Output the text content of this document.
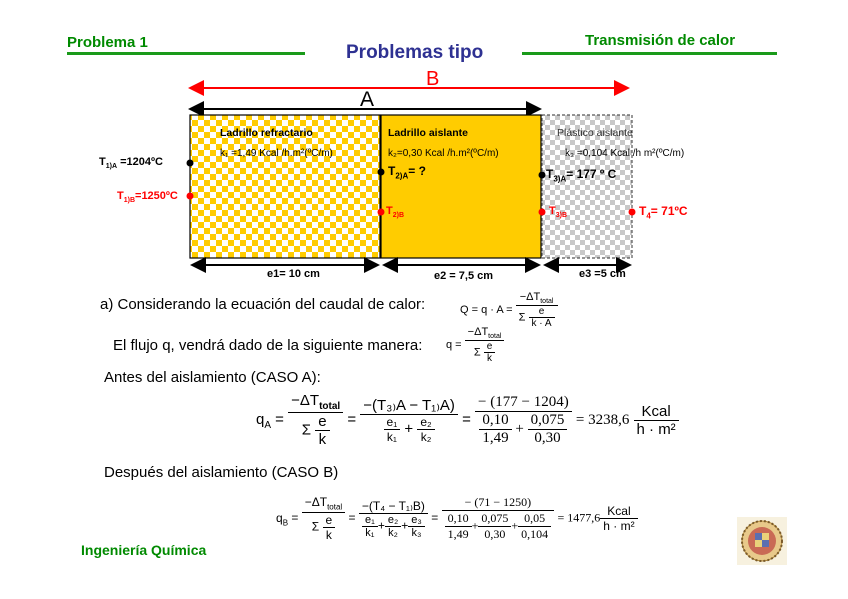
Problema 1	Problemas tipo
Transmisión de calor
B
A
Ladrillo refractario
k₁ =1,49 Kcal /h.m²(ºC/m)
Ladrillo aislante
k₂=0,30 Kcal /h.m²(ºC/m)
Plástico aislante
k₃ =0,104 Kcal /h m²(ºC/m)
e1= 10 cm	e2 = 7,5 cm	e3 =5 cm
$T_{1)A}$ =1204ºC
$T_{1)B}=1250ºC$
$T_{2)A}=$ ?
$T_{2)B}$
$T_{3)A}= 177$ º C
$T_{3)B}$	$T_4=$ 71ºC
a) Considerando la ecuación del caudal de calor:	$Q = q \cdot A = \frac{-\Delta T_{total}}{\Sigma \frac{e}{k \cdot A}}$
El flujo q, vendrá dado de la siguiente manera: $q = \frac{-\Delta T_{total}}{\Sigma \frac{e}{k}}$
Antes del aislamiento (CASO A):
$q_A = \frac{-\Delta T_{total}}{\Sigma \frac{e}{k}} = \frac{\text{−(T₃₎A − T₁₎A)}}{\frac{\text{e₁}}{\text{k₁}} + \frac{\text{e₂}}{\text{k₂}}} = \frac{- (177 - 1204)}{\frac{0,10}{1,49} + \frac{0,075}{0,30}} = 3238,6 \frac{\text{Kcal}}{\text{h · m²}}$
Después del aislamiento (CASO B)
$q_B = \frac{-\Delta T_{total}}{\Sigma \frac{e}{k}} = \frac{\text{−(T₄ − T₁₎B)}}{\frac{\text{e₁}}{\text{k₁}} + \frac{\text{e₂}}{\text{k₂}} + \frac{\text{e₃}}{\text{k₃}}} = \frac{- (71 - 1250)}{\frac{0,10}{1,49} + \frac{0,075}{0,30} + \frac{0,05}{0,104}} = 1477,6 \frac{\text{Kcal}}{\text{h · m²}}$
Ingeniería Química
